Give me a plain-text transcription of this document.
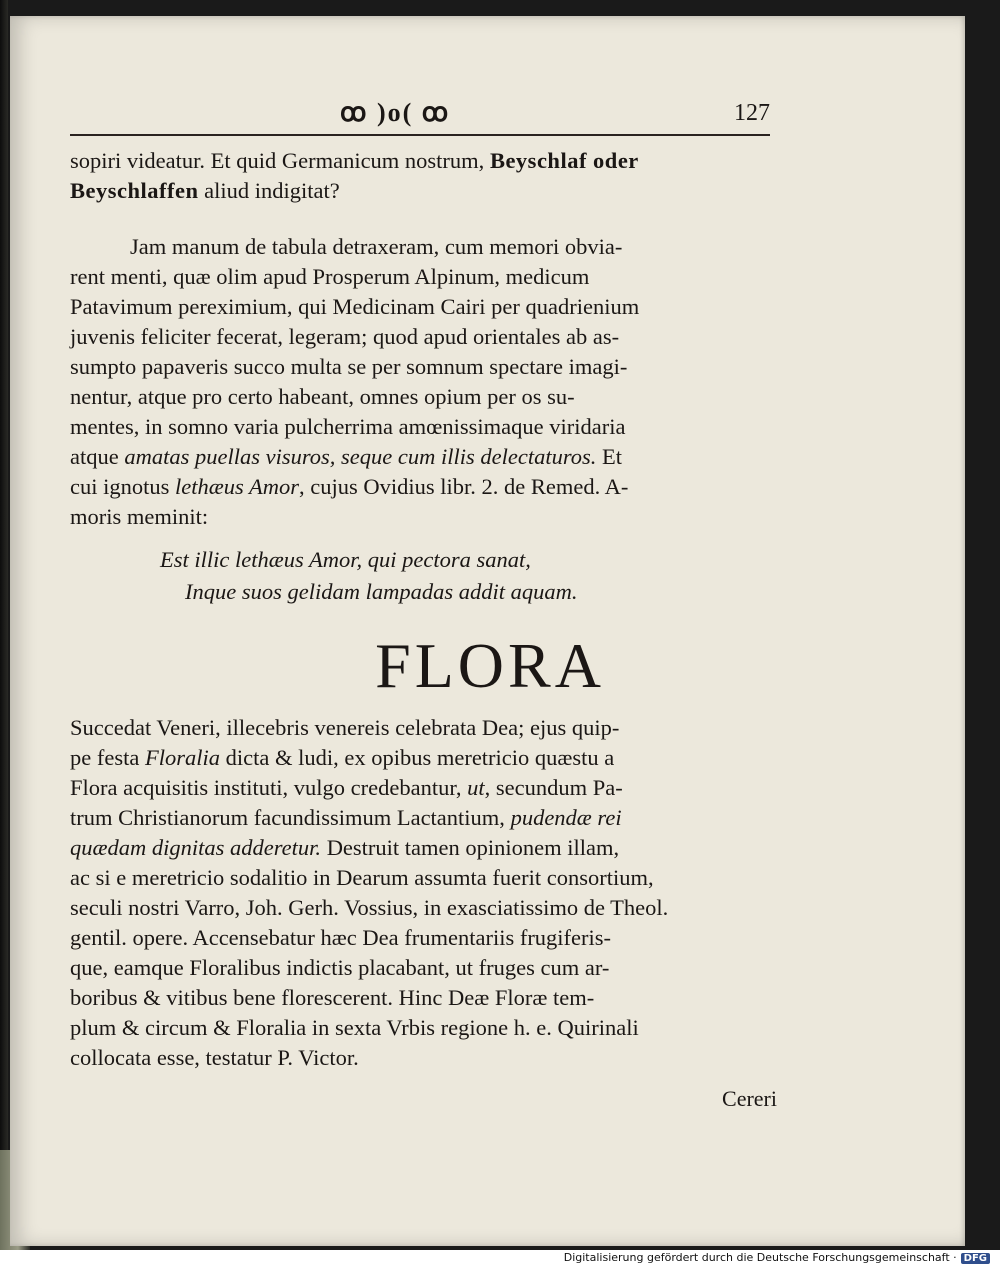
ꝏ )o( ꝏ	127
sopiri videatur. Et quid Germanicum nostrum, Beyschlaf oder
Beyschlaffen aliud indigitat?
Jam manum de tabula detraxeram, cum memori obvia-
rent menti, quæ olim apud Prosperum Alpinum, medicum
Patavimum pereximium, qui Medicinam Cairi per quadrienium
juvenis feliciter fecerat, legeram; quod apud orientales ab as-
sumpto papaveris succo multa se per somnum spectare imagi-
nentur, atque pro certo habeant, omnes opium per os su-
mentes, in somno varia pulcherrima amœnissimaque viridaria
atque amatas puellas visuros, seque cum illis delectaturos. Et
cui ignotus lethæus Amor, cujus Ovidius libr. 2. de Remed. A-
moris meminit:
Est illic lethæus Amor, qui pectora sanat,
Inque suos gelidam lampadas addit aquam.
FLORA
Succedat Veneri, illecebris venereis celebrata Dea; ejus quip-
pe festa Floralia dicta & ludi, ex opibus meretricio quæstu a
Flora acquisitis instituti, vulgo credebantur, ut, secundum Pa-
trum Christianorum facundissimum Lactantium, pudendæ rei
quædam dignitas adderetur. Destruit tamen opinionem illam,
ac si e meretricio sodalitio in Dearum assumta fuerit consortium,
seculi nostri Varro, Joh. Gerh. Vossius, in exasciatissimo de Theol.
gentil. opere. Accensebatur hæc Dea frumentariis frugiferis-
que, eamque Floralibus indictis placabant, ut fruges cum ar-
boribus & vitibus bene florescerent. Hinc Deæ Floræ tem-
plum & circum & Floralia in sexta Vrbis regione h. e. Quirinali
collocata esse, testatur P. Victor.
Cereri
Digitalisierung gefördert durch die Deutsche Forschungsgemeinschaft · DFG
